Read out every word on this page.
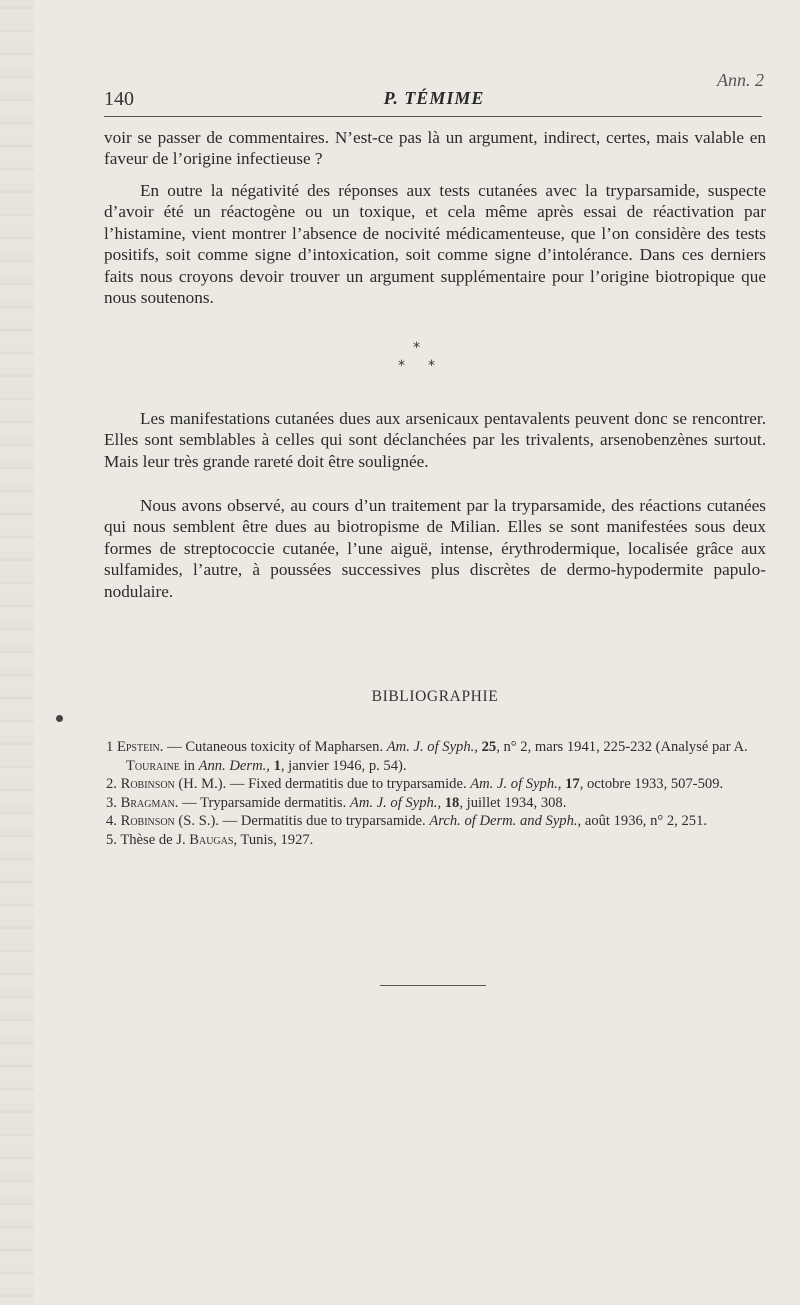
Ann. 2
140	P. TÉMIME

voir se passer de commentaires. N’est-ce pas là un argument, indirect, certes, mais valable en faveur de l’origine infectieuse ?

En outre la négativité des réponses aux tests cutanées avec la tryparsamide, suspecte d’avoir été un réactogène ou un toxique, et cela même après essai de réactivation par l’histamine, vient montrer l’absence de nocivité médicamenteuse, que l’on considère des tests positifs, soit comme signe d’intoxication, soit comme signe d’intolérance. Dans ces derniers faits nous croyons devoir trouver un argument supplémentaire pour l’origine biotropique que nous soutenons.

*
* *

Les manifestations cutanées dues aux arsenicaux pentavalents peuvent donc se rencontrer. Elles sont semblables à celles qui sont déclanchées par les trivalents, arsenobenzènes surtout. Mais leur très grande rareté doit être soulignée.

Nous avons observé, au cours d’un traitement par la tryparsamide, des réactions cutanées qui nous semblent être dues au biotropisme de Milian. Elles se sont manifestées sous deux formes de streptococcie cutanée, l’une aiguë, intense, érythrodermique, localisée grâce aux sulfamides, l’autre, à poussées successives plus discrètes de dermo-hypodermite papulo-nodulaire.

BIBLIOGRAPHIE

1 Epstein. — Cutaneous toxicity of Mapharsen. Am. J. of Syph., 25, n° 2, mars 1941, 225-232 (Analysé par A. Touraine in Ann. Derm., 1, janvier 1946, p. 54).

2. Robinson (H. M.). — Fixed dermatitis due to tryparsamide. Am. J. of Syph., 17, octobre 1933, 507-509.

3. Bragman. — Tryparsamide dermatitis. Am. J. of Syph., 18, juillet 1934, 308.

4. Robinson (S. S.). — Dermatitis due to tryparsamide. Arch. of Derm. and Syph., août 1936, n° 2, 251.

5. Thèse de J. Baugas, Tunis, 1927.
